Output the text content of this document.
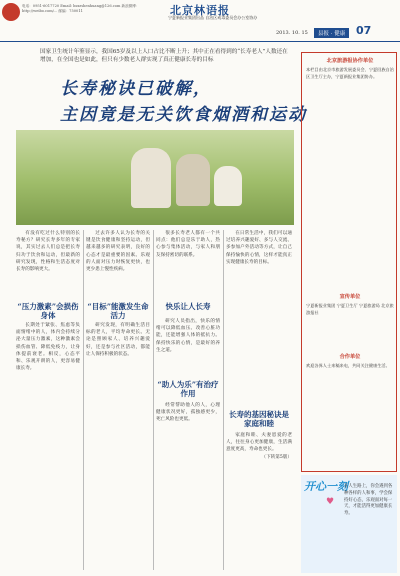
电话：0951-6017720 Email: hsxzshenhuang@126.com 新浪微博：http://weibo.com/... 邮编：750011	北京林语报
宁夏新报业集团出品 自治区戒毒委员会办公室协办
2013. 10. 15	县报 · 健康 07
国家卫生统计年鉴显示，我国65岁及以上人口占比不断上升；其中正在看得到的“长寿老人”人数还在增加，在全国也是如此，但只有少数老人群实现了真正健康长寿的目标
长寿秘诀已破解，
主因竟是无关饮食烟酒和运动

有没有吃过什么特别的长寿秘方？研究长寿多年的专家说，其实过去人们总是把长寿归功于饮食和运动，但最新的研究发现，性格和生活态度对长寿的影响更大。

“压力激素”会损伤身体

长期处于紧张、焦虑等负面情绪中的人，体内会持续分泌大量压力激素，这种激素会损伤血管、降低免疫力，让身体提前衰老。相反，心态平和、乐观开朗的人，更容易健康长寿。

过去许多人认为长寿的关键是饮食健康和坚持运动，但越来越多的研究表明，良好的心态才是最重要的因素。乐观的人面对压力时恢复更快，也更少患上慢性疾病。

“目标”能激发生命活力

研究发现，有明确生活目标的老人，平均寿命更长。无论是照顾家人、培养兴趣爱好，还是参与社区活动，都能让人保持积极的状态。

很多长寿老人都有一个共同点：他们总是乐于助人，热心参与集体活动，与家人和朋友保持密切的联系。

快乐让人长寿

研究人员指出，快乐的情绪可以降低血压、改善心脏功能，还能增强人体的抵抗力。保持快乐的心情，是最好的养生之道。

“助人为乐”有治疗作用

经常帮助他人的人，心理健康状况更好，孤独感更少，死亡风险也更低。

在日常生活中，我们可以通过培养兴趣爱好、多与人交流、多参加户外活动等方式，让自己保持愉快的心情，这样才能真正实现健康长寿的目标。

长寿的基因秘诀是家庭和睦

家庭和睦、夫妻恩爱的老人，往往身心更加健康，生活满意度更高，寿命也更长。

（下转第5版）
北京旅游报协作单位
本栏目由北京市旅游发展委员会、宁夏回族自治区卫生厅主办，宁夏新报业集团协办。
宣传单位
宁夏新报业集团 宁夏卫生厅 宁夏旅游局 北京旅游报社
合作单位
欢迎各界人士来稿来电，共同关注健康生活。
开心一刻
♥
在人生路上，你会遇到各种各样的人和事，学会保持好心态，乐观面对每一天，才能活得更加健康长寿。
